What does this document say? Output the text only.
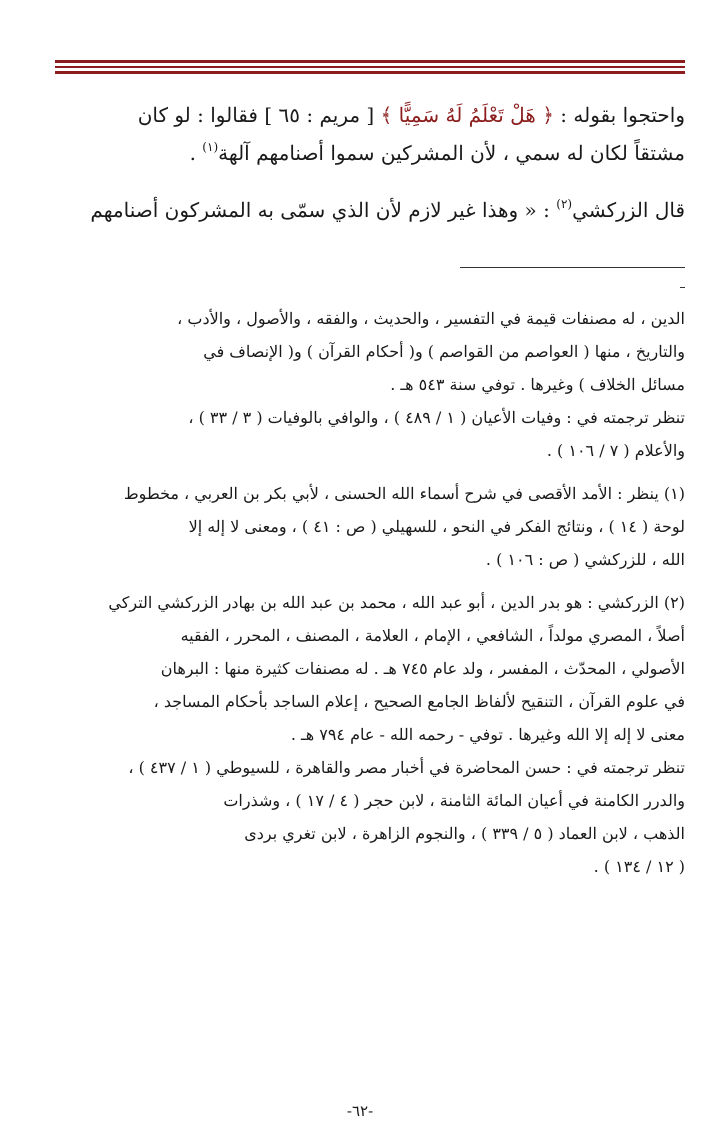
واحتجوا بقوله : ﴿ هَلْ تَعْلَمُ لَهُ سَمِيًّا ﴾ [ مريم : ٦٥ ] فقالوا : لو كان

مشتقاً لكان له سمي ، لأن المشركين سموا أصنامهم آلهة$^{(١)}$ .

قال الزركشي$^{(٢)}$ : « وهذا غير لازم لأن الذي سمّى به المشركون أصنامهم

الدين ، له مصنفات قيمة في التفسير ، والحديث ، والفقه ، والأصول ، والأدب ،

والتاريخ ، منها ( العواصم من القواصم ) و( أحكام القرآن ) و( الإنصاف في

مسائل الخلاف ) وغيرها . توفي سنة ٥٤٣ هـ .

تنظر ترجمته في : وفيات الأعيان ( ١ / ٤٨٩ ) ، والوافي بالوفيات ( ٣ / ٣٣ ) ،

والأعلام ( ٧ / ١٠٦ ) .

(١) ينظر : الأمد الأقصى في شرح أسماء الله الحسنى ، لأبي بكر بن العربي ، مخطوط

لوحة ( ١٤ ) ، ونتائج الفكر في النحو ، للسهيلي ( ص : ٤١ ) ، ومعنى لا إله إلا

الله ، للزركشي ( ص : ١٠٦ ) .

(٢) الزركشي : هو بدر الدين ، أبو عبد الله ، محمد بن عبد الله بن بهادر الزركشي التركي

أصلاً ، المصري مولداً ، الشافعي ، الإمام ، العلامة ، المصنف ، المحرر ، الفقيه

الأصولي ، المحدّث ، المفسر ، ولد عام ٧٤٥ هـ . له مصنفات كثيرة منها : البرهان

في علوم القرآن ، التنقيح لألفاظ الجامع الصحيح ، إعلام الساجد بأحكام المساجد ،

معنى لا إله إلا الله وغيرها . توفي - رحمه الله - عام ٧٩٤ هـ .

تنظر ترجمته في : حسن المحاضرة في أخبار مصر والقاهرة ، للسيوطي ( ١ / ٤٣٧ ) ،

والدرر الكامنة في أعيان المائة الثامنة ، لابن حجر ( ٤ / ١٧ ) ، وشذرات

الذهب ، لابن العماد ( ٥ / ٣٣٩ ) ، والنجوم الزاهرة ، لابن تغري بردى

( ١٢ / ١٣٤ ) .

-٦٢-
